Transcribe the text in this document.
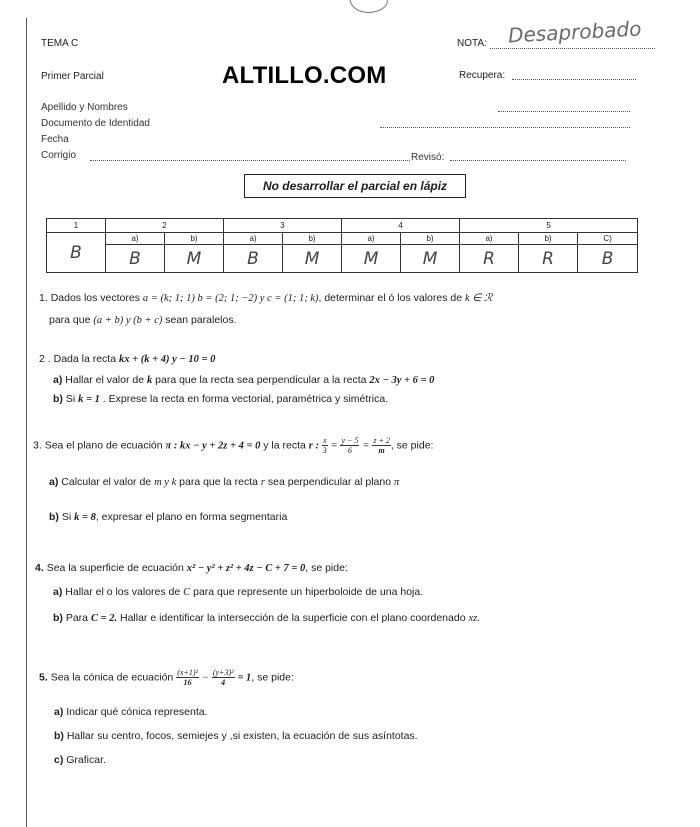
TEMA C	NOTA: Desaprobado
Primer Parcial	ALTILLO.COM	Recupera:
Apellido y Nombres
Documento de Identidad
Fecha
Corrigio	Revisó:
No desarrollar el parcial en lápiz
1	2		3		4		5		
B	a)	b)	a)	b)	a)	b)	a)	b)	C)
	B	M	B	M	M	M	R	R	B
1. Dados los vectores a = (k; 1; 1) b = (2; 1; −2) y c = (1; 1; k), determinar el ó los valores de k ∈ ℛ
para que (a + b) y (b + c) sean paralelos.
2 . Dada la recta kx + (k + 4) y − 10 = 0
a) Hallar el valor de k para que la recta sea perpendicular a la recta 2x − 3y + 6 = 0
b) Si k = 1 . Exprese la recta en forma vectorial, paramétrica y simétrica.
3. Sea el plano de ecuación π : kx − y + 2z + 4 = 0 y la recta r : $\frac{x}{3} = \frac{y - 5}{6} = \frac{z + 2}{m}$ , se pide:
a) Calcular el valor de m y k para que la recta r sea perpendicular al plano π
b) Si k = 8, expresar el plano en forma segmentaria
4. Sea la superficie de ecuación x² − y² + z² + 4z − C + 7 = 0, se pide:
a) Hallar el o los valores de C para que represente un hiperboloide de una hoja.
b) Para C = 2. Hallar e identificar la intersección de la superficie con el plano coordenado xz.
5. Sea la cónica de ecuación $\frac{\text{(x+1)²}}{16} - \frac{\text{(y+3)²}}{4} = 1$, se pide:
a) Indicar qué cónica representa.
b) Hallar su centro, focos, semiejes y ,si existen, la ecuación de sus asíntotas.
c) Graficar.
